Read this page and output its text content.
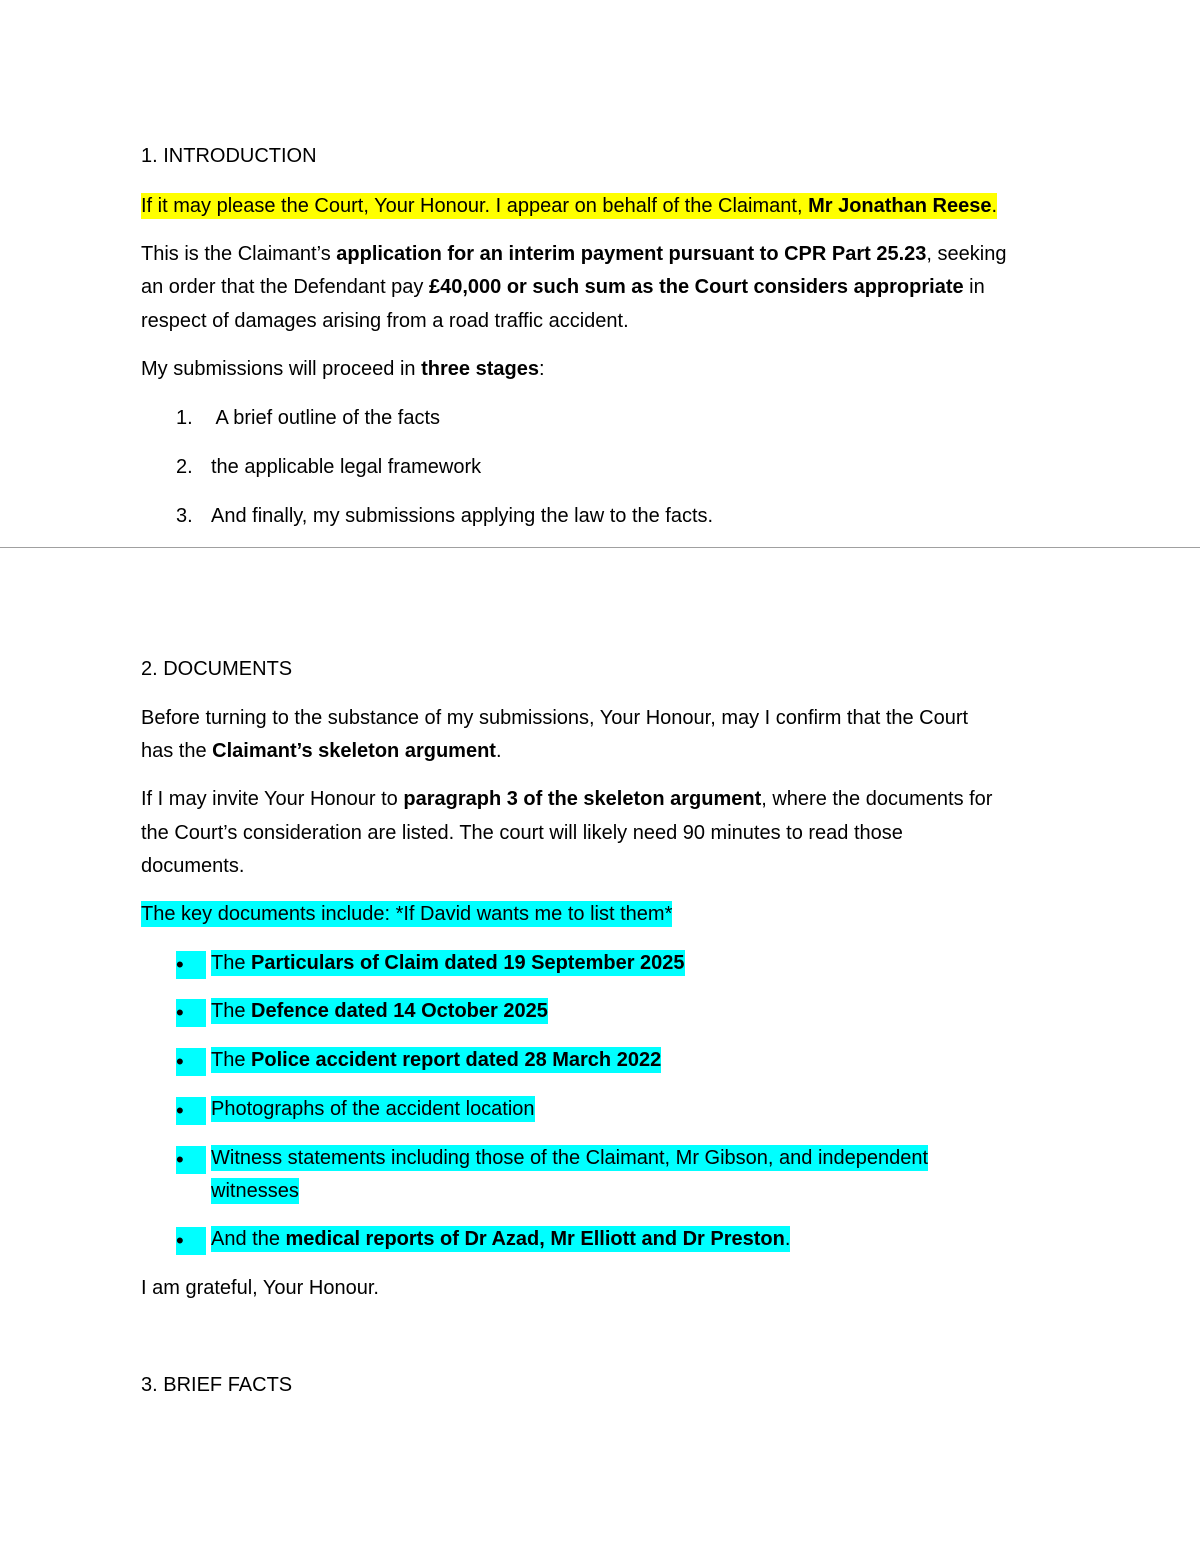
1. INTRODUCTION
If it may please the Court, Your Honour. I appear on behalf of the Claimant, Mr Jonathan Reese.
This is the Claimant’s application for an interim payment pursuant to CPR Part 25.23, seeking
an order that the Defendant pay £40,000 or such sum as the Court considers appropriate in
respect of damages arising from a road traffic accident.
My submissions will proceed in three stages:
1. A brief outline of the facts
2. the applicable legal framework
3. And finally, my submissions applying the law to the facts.
2. DOCUMENTS
Before turning to the substance of my submissions, Your Honour, may I confirm that the Court
has the Claimant’s skeleton argument.
If I may invite Your Honour to paragraph 3 of the skeleton argument, where the documents for
the Court’s consideration are listed. The court will likely need 90 minutes to read those
documents.
The key documents include: *If David wants me to list them*
•	The Particulars of Claim dated 19 September 2025
•	The Defence dated 14 October 2025
•	The Police accident report dated 28 March 2022
•	Photographs of the accident location
•	Witness statements including those of the Claimant, Mr Gibson, and independent
witnesses
•	And the medical reports of Dr Azad, Mr Elliott and Dr Preston.
I am grateful, Your Honour.
3. BRIEF FACTS
